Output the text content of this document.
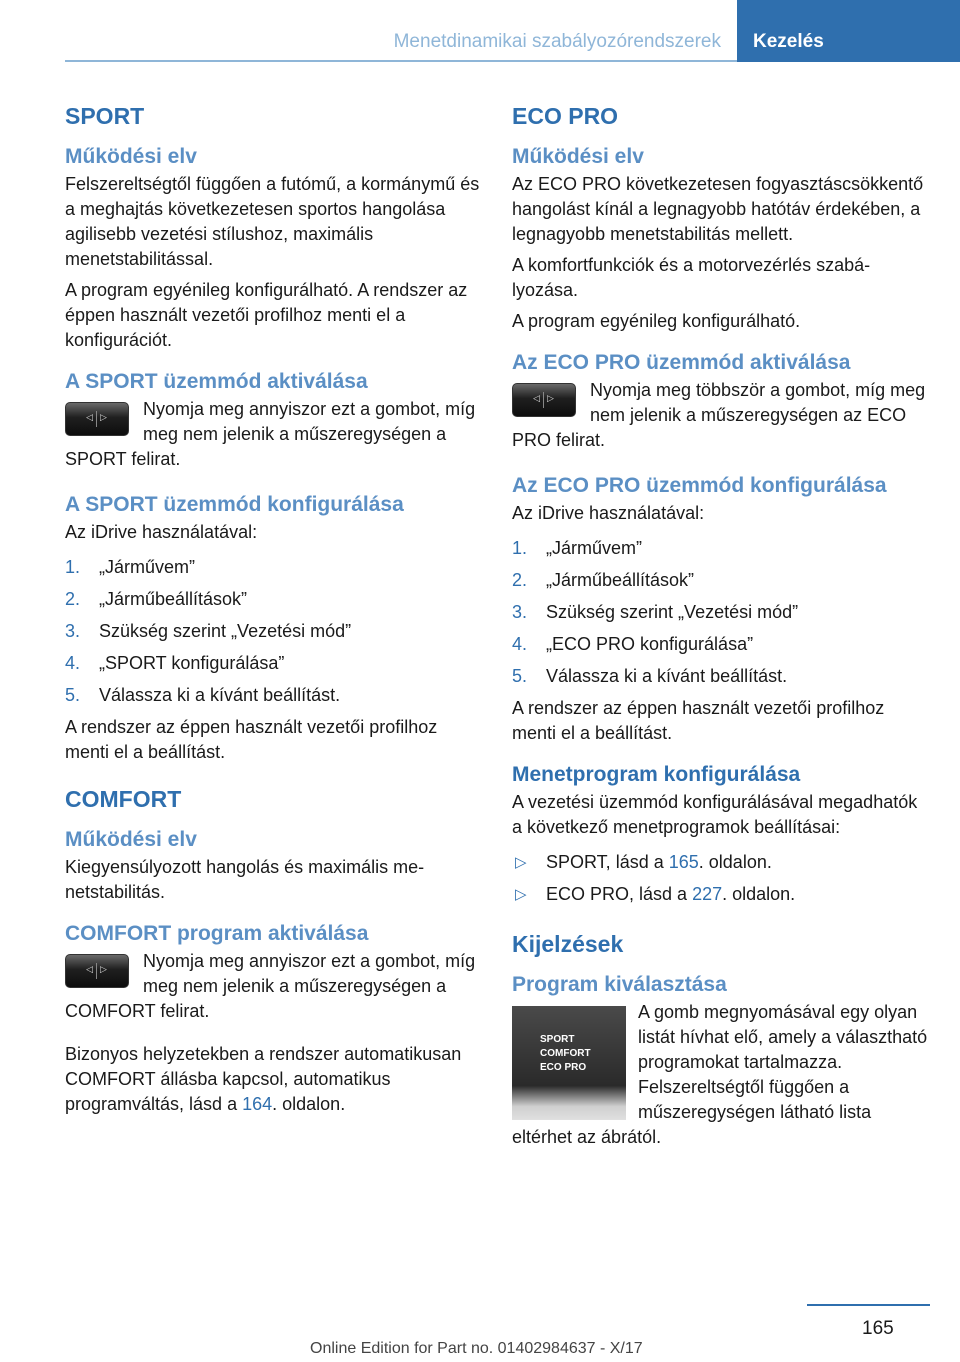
Menetdinamikai szabályozórendszerek	Kezelés
SPORT
Működési elv

Felszereltségtől függően a futómű, a kormánymű és a meghajtás következetesen sportos hangolása agilisebb vezetési stílushoz, maximális menetstabilitással.

A program egyénileg konfigurálható. A rendszer az éppen használt vezetői profilhoz menti el a konfigurációt.

A SPORT üzemmód aktiválása
◁ ▷	Nyomja meg annyiszor ezt a gombot, míg meg nem jelenik a műszeregységen a SPORT felirat.

A SPORT üzemmód konfigurálása

Az iDrive használatával:

1. „Járművem”
2. „Járműbeállítások”
3. Szükség szerint „Vezetési mód”
4. „SPORT konfigurálása”
5. Válassza ki a kívánt beállítást.

A rendszer az éppen használt vezetői profilhoz menti el a beállítást.

COMFORT
Működési elv

Kiegyensúlyozott hangolás és maximális menetstabilitás.

COMFORT program aktiválása
◁ ▷	Nyomja meg annyiszor ezt a gombot, míg meg nem jelenik a műszeregységen a COMFORT felirat.

Bizonyos helyzetekben a rendszer automatikusan COMFORT állásba kapcsol, automatikus programváltás, lásd a 164. oldalon.

ECO PRO
Működési elv

Az ECO PRO következetesen fogyasztáscsökkentő hangolást kínál a legnagyobb hatótáv érdekében, a legnagyobb menetstabilitás mellett.

A komfortfunkciók és a motorvezérlés szabályozása.

A program egyénileg konfigurálható.

Az ECO PRO üzemmód aktiválása
◁ ▷	Nyomja meg többször a gombot, míg meg nem jelenik a műszeregységen az ECO PRO felirat.

Az ECO PRO üzemmód konfigurálása

Az iDrive használatával:

1. „Járművem”
2. „Járműbeállítások”
3. Szükség szerint „Vezetési mód”
4. „ECO PRO konfigurálása”
5. Válassza ki a kívánt beállítást.

A rendszer az éppen használt vezetői profilhoz menti el a beállítást.

Menetprogram konfigurálása

A vezetési üzemmód konfigurálásával megadhatók a következő menetprogramok beállításai:

▷ SPORT, lásd a 165. oldalon.
▷ ECO PRO, lásd a 227. oldalon.
Kijelzések
Program kiválasztása
SPORT
COMFORT
ECO PRO

A gomb megnyomásával egy olyan listát hívhat elő, amely a választható programokat tartalmazza. Felszereltségtől függően a műszeregységen látható lista eltérhet az ábrától.

165
Online Edition for Part no. 01402984637 - X/17
